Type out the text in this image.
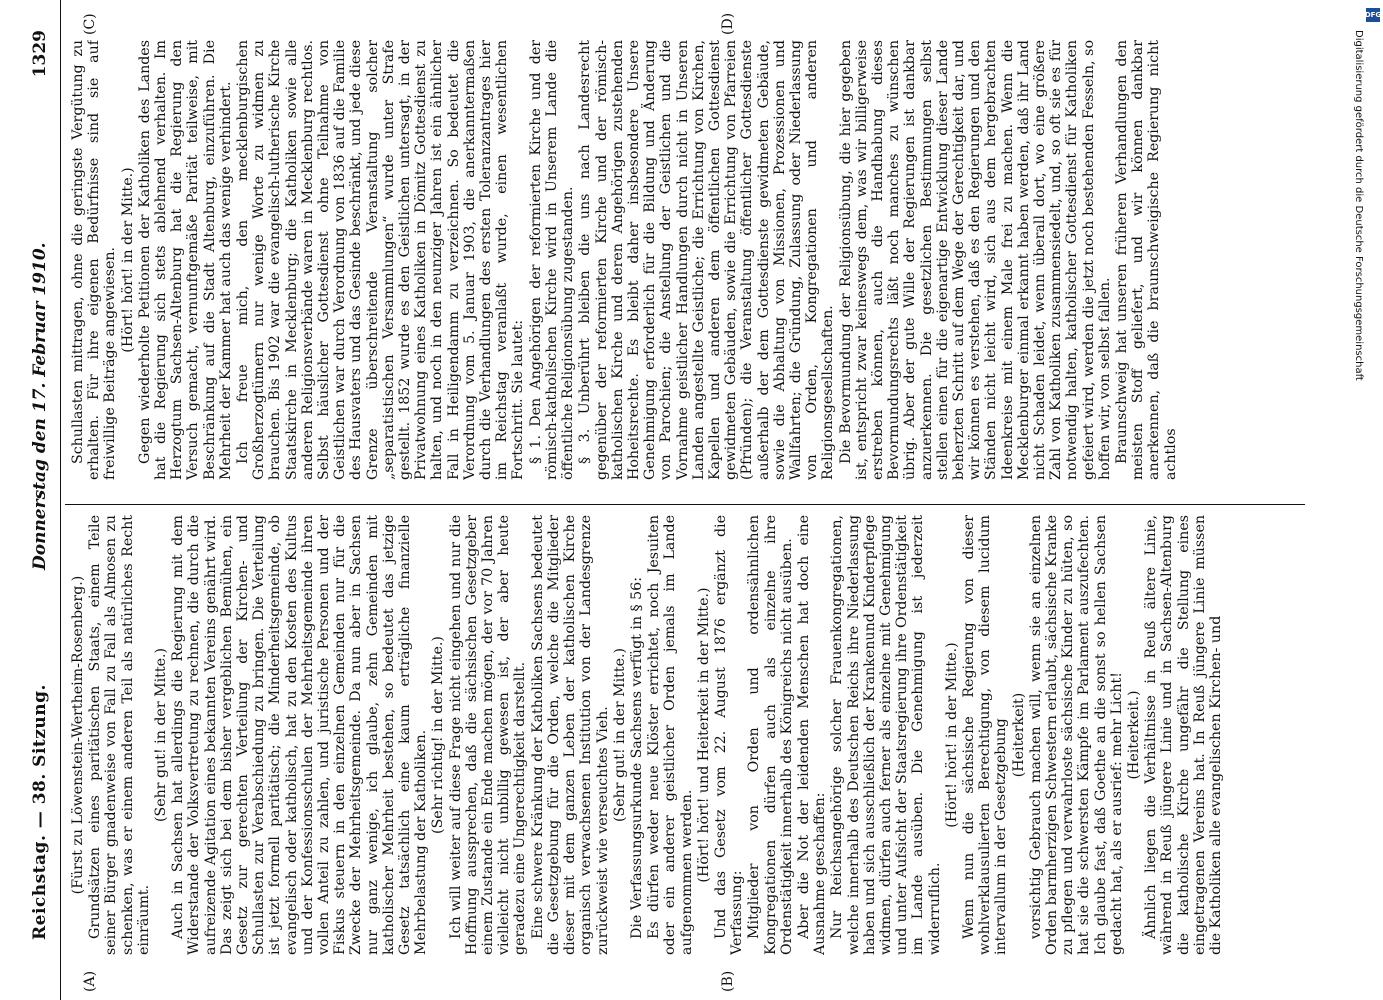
Reichstag. — 38. Sitzung.
Donnerstag den 17. Februar 1910.
1329
(A)	(B)
(C)	(D)

(Fürst zu Löwenstein-Wertheim-Rosenberg.) Grundsätzen eines paritätischen Staats, einem Teile seiner Bürger gnadenweise von Fall zu Fall als Almosen zu schenken, was er einem anderen Teil als natürliches Recht einräumt.

(Sehr gut! in der Mitte.) Auch in Sachsen hat allerdings die Regierung mit dem Widerstande der Volksvertretung zu rechnen, die durch die aufreizende Agitation eines bekannten Vereins genährt wird. Das zeigt sich bei dem bisher vergeblichen Bemühen, ein Gesetz zur gerechten Verteilung der Kirchen- und Schullasten zur Verabschiedung zu bringen. Die Verteilung ist jetzt formell paritätisch; die Minderheitsgemeinde, ob evangelisch oder katholisch, hat zu den Kosten des Kultus und der Konfessionsschulen der Mehrheitsgemeinde ihren vollen Anteil zu zahlen, und juristische Personen und der Fiskus steuern in den einzelnen Gemeinden nur für die Zwecke der Mehrheitsgemeinde. Da nun aber in Sachsen nur ganz wenige, ich glaube, zehn Gemeinden mit katholischer Mehrheit bestehen, so bedeutet das jetzige Gesetz tatsächlich eine kaum erträgliche finanzielle Mehrbelastung der Katholiken. (Sehr richtig! in der Mitte.) Ich will weiter auf diese Frage nicht eingehen und nur die Hoffnung aussprechen, daß die sächsischen Gesetzgeber einem Zustande ein Ende machen mögen, der vor 70 Jahren vielleicht nicht unbillig gewesen ist, der aber heute geradezu eine Ungerechtigkeit darstellt. Eine schwere Kränkung der Katholiken Sachsens bedeutet die Gesetzgebung für die Orden, welche die Mitglieder dieser mit dem ganzen Leben der katholischen Kirche organisch verwachsenen Institution von der Landesgrenze zurückweist wie verseuchtes Vieh. (Sehr gut! in der Mitte.) Die Verfassungsurkunde Sachsens verfügt in § 56: Es dürfen weder neue Klöster errichtet, noch Jesuiten oder ein anderer geistlicher Orden jemals im Lande aufgenommen werden. (Hört! hört! und Heiterkeit in der Mitte.) Und das Gesetz vom 22. August 1876 ergänzt die Verfassung: Mitglieder von Orden und ordensähnlichen Kongregationen dürfen auch als einzelne ihre Ordenstätigkeit innerhalb des Königreichs nicht ausüben. Aber die Not der leidenden Menschen hat doch eine Ausnahme geschaffen: Nur Reichsangehörige solcher Frauenkongregationen, welche innerhalb des Deutschen Reichs ihre Niederlassung haben und sich ausschließlich der Krankenund Kinderpflege widmen, dürfen auch ferner als einzelne mit Genehmigung und unter Aufsicht der Staatsregierung ihre Ordenstätigkeit im Lande ausüben. Die Genehmigung ist jederzeit widerruflich.

(Hört! hört! in der Mitte.) Wenn nun die sächsische Regierung von dieser wohlverklausulierten Berechtigung, von diesem lucidum intervallum in der Gesetzgebung (Heiterkeit) vorsichtig Gebrauch machen will, wenn sie an einzelnen Orden barmherzigen Schwestern erlaubt, sächsische Kranke zu pflegen und verwahrloste sächsische Kinder zu hüten, so hat sie die schwersten Kämpfe im Parlament auszufechten. Ich glaube fast, daß Goethe an die sonst so hellen Sachsen gedacht hat, als er ausrief: mehr Licht! (Heiterkeit.) Ähnlich liegen die Verhältnisse in Reuß ältere Linie, während in Reuß jüngere Linie und in Sachsen-Altenburg die katholische Kirche ungefähr die Stellung eines eingetragenen Vereins hat. In Reuß jüngere Linie müssen die Katholiken alle evangelischen Kirchen- und

Schullasten mittragen, ohne die geringste Vergütung zu erhalten. Für ihre eigenen Bedürfnisse sind sie auf freiwillige Beiträge angewiesen. (Hört! hört! in der Mitte.) Gegen wiederholte Petitionen der Katholiken des Landes hat die Regierung sich stets ablehnend verhalten. Im Herzogtum Sachsen-Altenburg hat die Regierung den Versuch gemacht, vernunftgemäße Parität teilweise, mit Beschränkung auf die Stadt Altenburg, einzuführen. Die Mehrheit der Kammer hat auch das wenige verhindert. Ich freue mich, den mecklenburgischen Großherzogtümern nur wenige Worte zu widmen zu brauchen. Bis 1902 war die evangelisch-lutherische Kirche Staatskirche in Mecklenburg; die Katholiken sowie alle anderen Religionsverbände waren in Mecklenburg rechtlos. Selbst häuslicher Gottesdienst ohne Teilnahme von Geistlichen war durch Verordnung von 1836 auf die Familie des Hausvaters und das Gesinde beschränkt, und jede diese Grenze überschreitende Veranstaltung solcher „separatistischen Versammlungen“ wurde unter Strafe gestellt. 1852 wurde es den Geistlichen untersagt, in der Privatwohnung eines Katholiken in Dömitz Gottesdienst zu halten, und noch in den neunziger Jahren ist ein ähnlicher Fall in Heiligendamm zu verzeichnen. So bedeutet die Verordnung vom 5. Januar 1903, die anerkanntermaßen durch die Verhandlungen des ersten Toleranzantrages hier im Reichstag veranlaßt wurde, einen wesentlichen Fortschritt. Sie lautet: § 1. Den Angehörigen der reformierten Kirche und der römisch-katholischen Kirche wird in Unserem Lande die öffentliche Religionsübung zugestanden. § 3. Unberührt bleiben die uns nach Landesrecht gegenüber der reformierten Kirche und der römisch-katholischen Kirche und deren Angehörigen zustehenden Hoheitsrechte. Es bleibt daher insbesondere Unsere Genehmigung erforderlich für die Bildung und Änderung von Parochien; die Anstellung der Geistlichen und die Vornahme geistlicher Handlungen durch nicht in Unseren Landen angestellte Geistliche; die Errichtung von Kirchen, Kapellen und anderen dem öffentlichen Gottesdienst gewidmeten Gebäuden, sowie die Errichtung von Pfarreien (Pfründen); die Veranstaltung öffentlicher Gottesdienste außerhalb der dem Gottesdienste gewidmeten Gebäude, sowie die Abhaltung von Missionen, Prozessionen und Wallfahrten; die Gründung, Zulassung oder Niederlassung von Orden, Kongregationen und anderen Religionsgesellschaften. Die Bevormundung der Religionsübung, die hier gegeben ist, entspricht zwar keineswegs dem, was wir billigerweise erstreben können, auch die Handhabung dieses Bevormundungsrechts läßt noch manches zu wünschen übrig. Aber der gute Wille der Regierungen ist dankbar anzuerkennen. Die gesetzlichen Bestimmungen selbst stellen einen für die eigenartige Entwicklung dieser Lande beherzten Schritt auf dem Wege der Gerechtigkeit dar, und wir können es verstehen, daß es den Regierungen und den Ständen nicht leicht wird, sich aus dem hergebrachten Ideenkreise mit einem Male frei zu machen. Wenn die Mecklenburger einmal erkannt haben werden, daß ihr Land nicht Schaden leidet, wenn überall dort, wo eine größere Zahl von Katholiken zusammensiedelt, und, so oft sie es für notwendig halten, katholischer Gottesdienst für Katholiken gefeiert wird, werden die jetzt noch bestehenden Fesseln, so hoffen wir, von selbst fallen. Braunschweig hat unseren früheren Verhandlungen den meisten Stoff geliefert, und wir können dankbar anerkennen, daß die braunschweigische Regierung nicht achtlos

DFG
Digitalisierung gefördert durch die Deutsche Forschungsgemeinschaft
